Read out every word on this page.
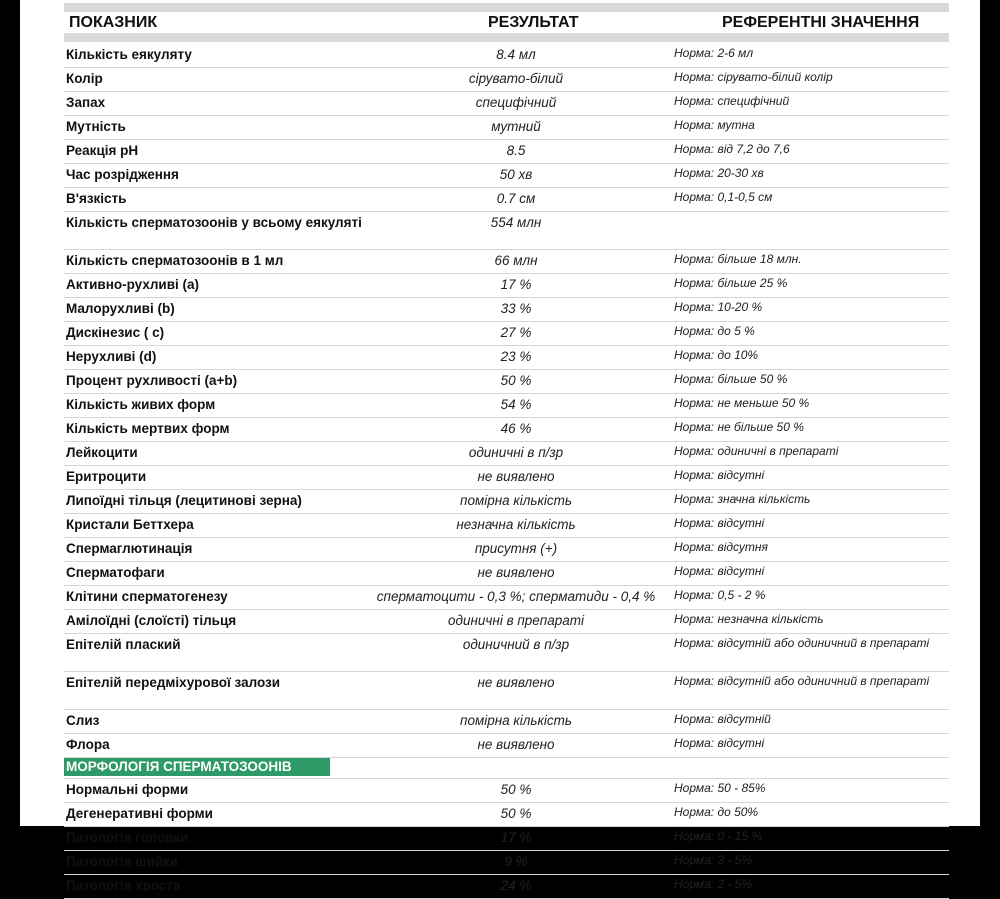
ПОКАЗНИК	РЕЗУЛЬТАТ	РЕФЕРЕНТНІ ЗНАЧЕННЯ
Кількість еякуляту	8.4 мл	Норма: 2-6 мл
Колір	сірувато-білий	Норма: сірувато-білий колір
Запах	специфічний	Норма: специфічний
Мутність	мутний	Норма: мутна
Реакція рН	8.5	Норма: від 7,2 до 7,6
Час розрідження	50 хв	Норма: 20-30 хв
В'язкість	0.7 см	Норма: 0,1-0,5 см
Кількість сперматозоонів у всьому еякуляті	554 млн	
Кількість сперматозоонів в 1 мл	66 млн	Норма: більше 18 млн.
Активно-рухливі (a)	17 %	Норма: більше 25 %
Малорухливі (b)	33 %	Норма: 10-20 %
Дискінезис ( c)	27 %	Норма: до 5 %
Нерухливі (d)	23 %	Норма: до 10%
Процент рухливості (a+b)	50 %	Норма: більше 50 %
Кількість живих форм	54 %	Норма: не меньше 50 %
Кількість мертвих форм	46 %	Норма: не більше 50 %
Лейкоцити	одиничні в п/зр	Норма: одиничні в препараті
Еритроцити	не виявлено	Норма: відсутні
Липоїдні тільця (лецитинові зерна)	помірна кількість	Норма: значна кількість
Кристали Беттхера	незначна кількість	Норма: відсутні
Спермаглютинація	присутня (+)	Норма: відсутня
Сперматофаги	не виявлено	Норма: відсутні
Клітини сперматогенезу	сперматоцити - 0,3 %; сперматиди - 0,4 %	Норма: 0,5 - 2 %
Амілоїдні (слоїсті) тільця	одиничні в препараті	Норма: незначна кількість
Епітелій плаский	одиничний в п/зр	Норма: відсутній або одиничний в препараті
Епітелій передміхурової залози	не виявлено	Норма: відсутній або одиничний в препараті
Слиз	помірна кількість	Норма: відсутній
Флора	не виявлено	Норма: відсутні
МОРФОЛОГІЯ СПЕРМАТОЗООНІВ		
Нормальні форми	50 %	Норма: 50 - 85%
Дегенеративні форми	50 %	Норма: до 50%
Патологія головки	17 %	Норма: 0 - 15 %
Патологія шийки	9 %	Норма: 3 - 5%
Патологія хвоста	24 %	Норма: 2 - 5%
